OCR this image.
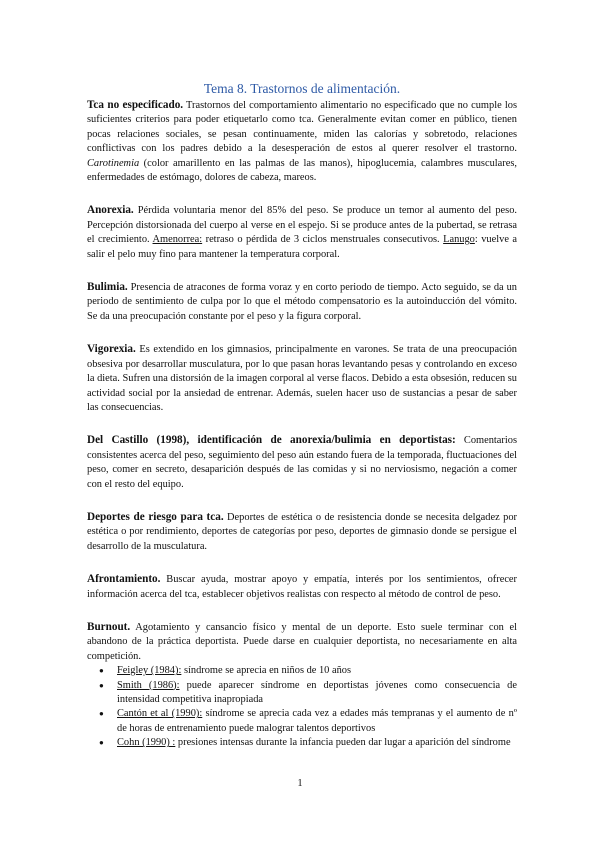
Tema 8. Trastornos de alimentación.

Tca no especificado. Trastornos del comportamiento alimentario no especificado que no cumple los suficientes criterios para poder etiquetarlo como tca. Generalmente evitan comer en público, tienen pocas relaciones sociales, se pesan continuamente, miden las calorías y sobretodo, relaciones conflictivas con los padres debido a la desesperación de estos al querer resolver el trastorno. Carotinemia (color amarillento en las palmas de las manos), hipoglucemia, calambres musculares, enfermedades de estómago, dolores de cabeza, mareos.

Anorexia. Pérdida voluntaria menor del 85% del peso. Se produce un temor al aumento del peso. Percepción distorsionada del cuerpo al verse en el espejo. Si se produce antes de la pubertad, se retrasa el crecimiento. Amenorrea: retraso o pérdida de 3 ciclos menstruales consecutivos. Lanugo: vuelve a salir el pelo muy fino para mantener la temperatura corporal.

Bulimia. Presencia de atracones de forma voraz y en corto periodo de tiempo. Acto seguido, se da un periodo de sentimiento de culpa por lo que el método compensatorio es la autoinducción del vómito. Se da una preocupación constante por el peso y la figura corporal.

Vigorexia. Es extendido en los gimnasios, principalmente en varones. Se trata de una preocupación obsesiva por desarrollar musculatura, por lo que pasan horas levantando pesas y controlando en exceso la dieta. Sufren una distorsión de la imagen corporal al verse flacos. Debido a esta obsesión, reducen su actividad social por la ansiedad de entrenar. Además, suelen hacer uso de sustancias a pesar de saber las consecuencias.

Del Castillo (1998), identificación de anorexia/bulimia en deportistas: Comentarios consistentes acerca del peso, seguimiento del peso aún estando fuera de la temporada, fluctuaciones del peso, comer en secreto, desaparición después de las comidas y si no nerviosismo, negación a comer con el resto del equipo.

Deportes de riesgo para tca. Deportes de estética o de resistencia donde se necesita delgadez por estética o por rendimiento, deportes de categorías por peso, deportes de gimnasio donde se persigue el desarrollo de la musculatura.

Afrontamiento. Buscar ayuda, mostrar apoyo y empatía, interés por los sentimientos, ofrecer información acerca del tca, establecer objetivos realistas con respecto al método de control de peso.

Burnout. Agotamiento y cansancio físico y mental de un deporte. Esto suele terminar con el abandono de la práctica deportista. Puede darse en cualquier deportista, no necesariamente en alta competición.

● Feigley (1984): síndrome se aprecia en niños de 10 años
● Smith (1986): puede aparecer síndrome en deportistas jóvenes como consecuencia de intensidad competitiva inapropiada
● Cantón et al (1990): síndrome se aprecia cada vez a edades más tempranas y el aumento de nº de horas de entrenamiento puede malograr talentos deportivos
● Cohn (1990) : presiones intensas durante la infancia pueden dar lugar a aparición del síndrome
1
